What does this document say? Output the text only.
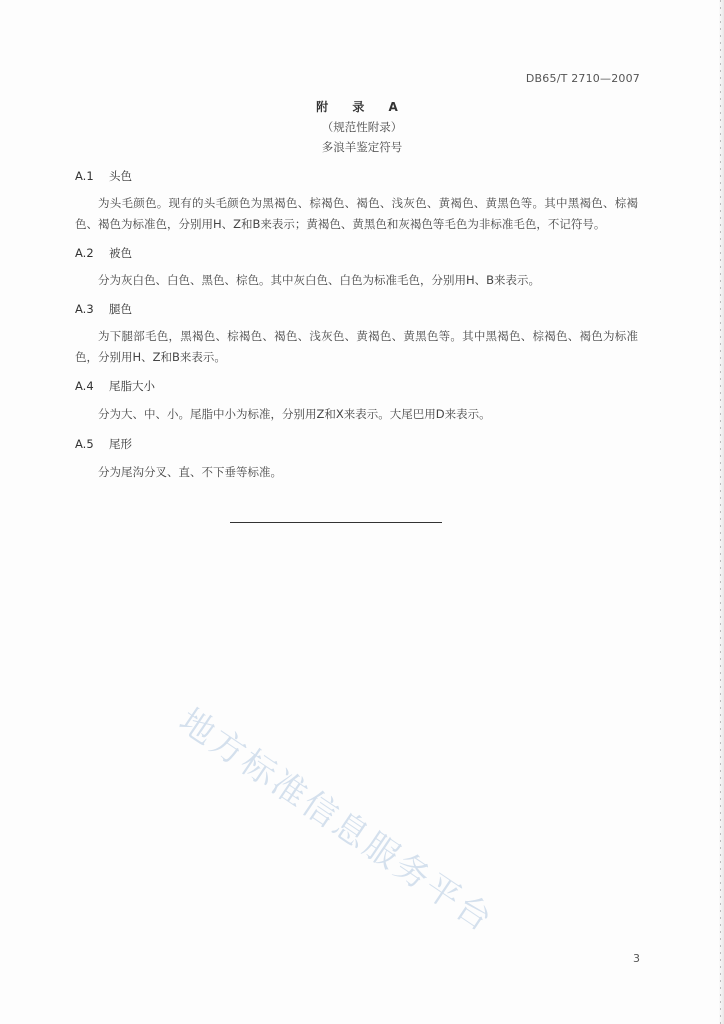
DB65/T 2710—2007
附 录 A
（规范性附录）
多浪羊鉴定符号
A.1 头色
为头毛颜色。现有的头毛颜色为黑褐色、棕褐色、褐色、浅灰色、黄褐色、黄黑色等。其中黑褐色、棕褐色、褐色为标准色，分别用H、Z和B来表示；黄褐色、黄黑色和灰褐色等毛色为非标准毛色，不记符号。
A.2 被色
分为灰白色、白色、黑色、棕色。其中灰白色、白色为标准毛色，分别用H、B来表示。
A.3 腿色
为下腿部毛色，黑褐色、棕褐色、褐色、浅灰色、黄褐色、黄黑色等。其中黑褐色、棕褐色、褐色为标准色，分别用H、Z和B来表示。
A.4 尾脂大小
分为大、中、小。尾脂中小为标准，分别用Z和X来表示。大尾巴用D来表示。
A.5 尾形
分为尾沟分叉、直、不下垂等标准。
地方标准信息服务平台
3
